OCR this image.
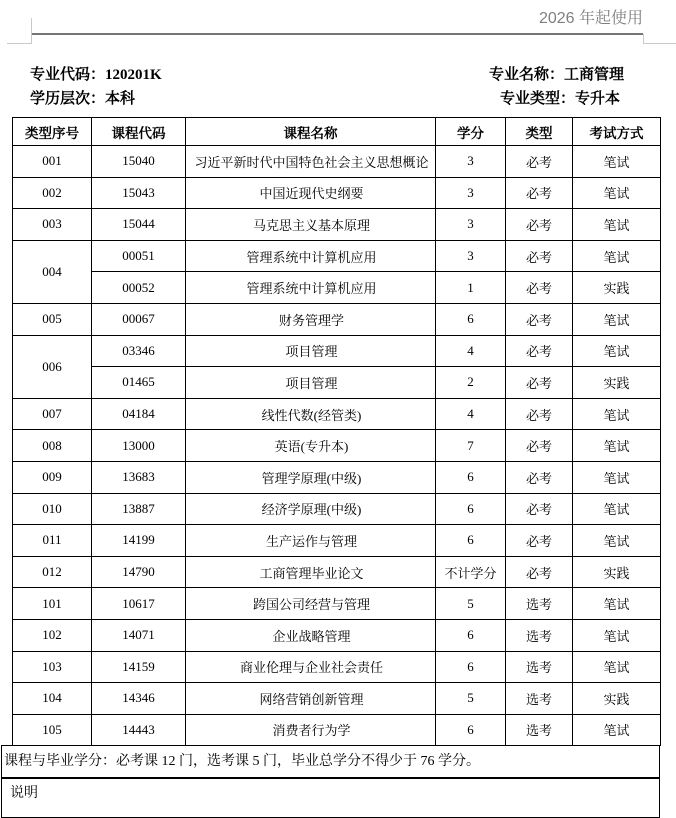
2026 年起使用
专业代码：120201K
学历层次：本科
专业名称：工商管理
专业类型：专升本
类型序号	课程代码	课程名称	学分	类型	考试方式
001	15040	习近平新时代中国特色社会主义思想概论	3	必考	笔试
002	15043	中国近现代史纲要	3	必考	笔试
003	15044	马克思主义基本原理	3	必考	笔试
004	00051	管理系统中计算机应用	3	必考	笔试
	00052	管理系统中计算机应用	1	必考	实践
005	00067	财务管理学	6	必考	笔试
006	03346	项目管理	4	必考	笔试
	01465	项目管理	2	必考	实践
007	04184	线性代数(经管类)	4	必考	笔试
008	13000	英语(专升本)	7	必考	笔试
009	13683	管理学原理(中级)	6	必考	笔试
010	13887	经济学原理(中级)	6	必考	笔试
011	14199	生产运作与管理	6	必考	笔试
012	14790	工商管理毕业论文	不计学分	必考	实践
101	10617	跨国公司经营与管理	5	选考	笔试
102	14071	企业战略管理	6	选考	笔试
103	14159	商业伦理与企业社会责任	6	选考	笔试
104	14346	网络营销创新管理	5	选考	实践
105	14443	消费者行为学	6	选考	笔试
课程与毕业学分：必考课 12 门，选考课 5 门，毕业总学分不得少于 76 学分。
说明
